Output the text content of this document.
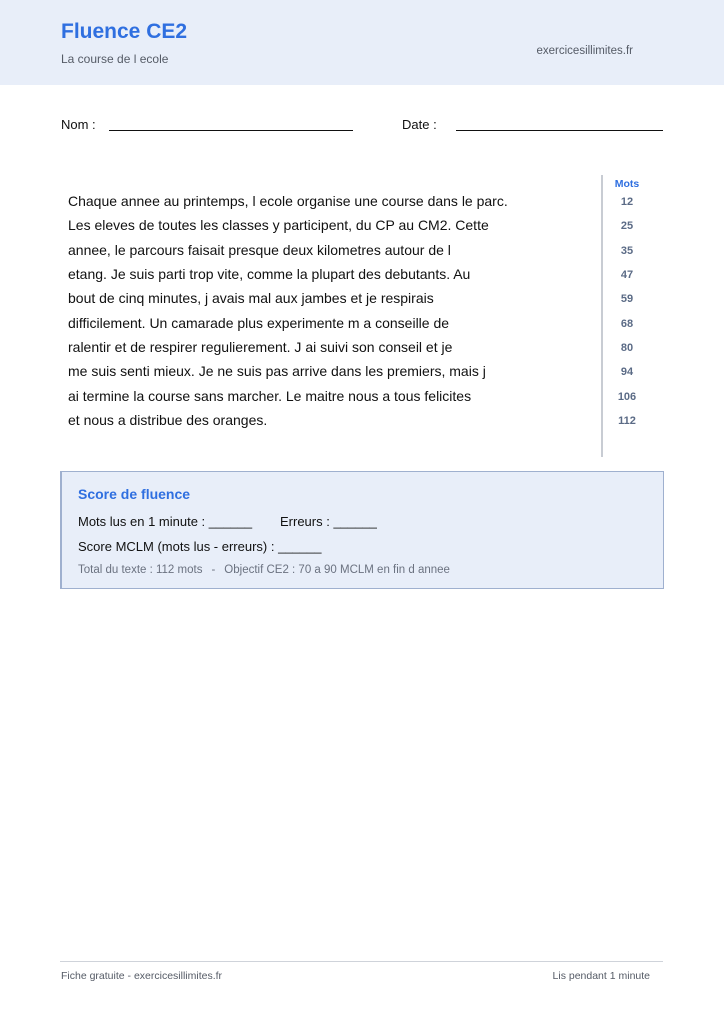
Fluence CE2
La course de l ecole
exercicesillimites.fr
Nom :	Date :
Chaque annee au printemps, l ecole organise une course dans le parc.
Les eleves de toutes les classes y participent, du CP au CM2. Cette
annee, le parcours faisait presque deux kilometres autour de l
etang. Je suis parti trop vite, comme la plupart des debutants. Au
bout de cinq minutes, j avais mal aux jambes et je respirais
difficilement. Un camarade plus experimente m a conseille de
ralentir et de respirer regulierement. J ai suivi son conseil et je
me suis senti mieux. Je ne suis pas arrive dans les premiers, mais j
ai termine la course sans marcher. Le maitre nous a tous felicites
et nous a distribue des oranges.
Mots
12
25
35
47
59
68
80
94
106
112
Score de fluence
Mots lus en 1 minute : ______ Erreurs : ______
Score MCLM (mots lus - erreurs) : ______
Total du texte : 112 mots - Objectif CE2 : 70 a 90 MCLM en fin d annee
Fiche gratuite - exercicesillimites.fr	Lis pendant 1 minute
